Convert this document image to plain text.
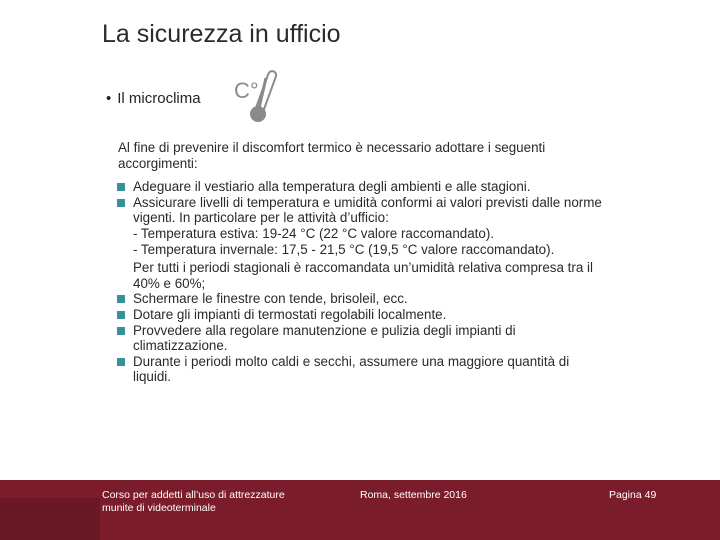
La sicurezza in ufficio
• Il microclima C°

Al fine di prevenire il discomfort termico è necessario adottare i seguenti accorgimenti:

Adeguare il vestiario alla temperatura degli ambienti e alle stagioni.
Assicurare livelli di temperatura e umidità conformi ai valori previsti dalle norme vigenti. In particolare per le attività d’ufficio:

- Temperatura estiva: 19-24 °C (22 °C valore raccomandato).

- Temperatura invernale: 17,5 - 21,5 °C (19,5 °C valore raccomandato).

Per tutti i periodi stagionali è raccomandata un’umidità relativa compresa tra il 40% e 60%;

Schermare le finestre con tende, brisoleil, ecc.
Dotare gli impianti di termostati regolabili localmente.
Provvedere alla regolare manutenzione e pulizia degli impianti di climatizzazione.
Durante i periodi molto caldi e secchi, assumere una maggiore quantità di liquidi.
Corso per addetti all’uso di attrezzature munite di videoterminale
Roma, settembre 2016	Pagina 49
